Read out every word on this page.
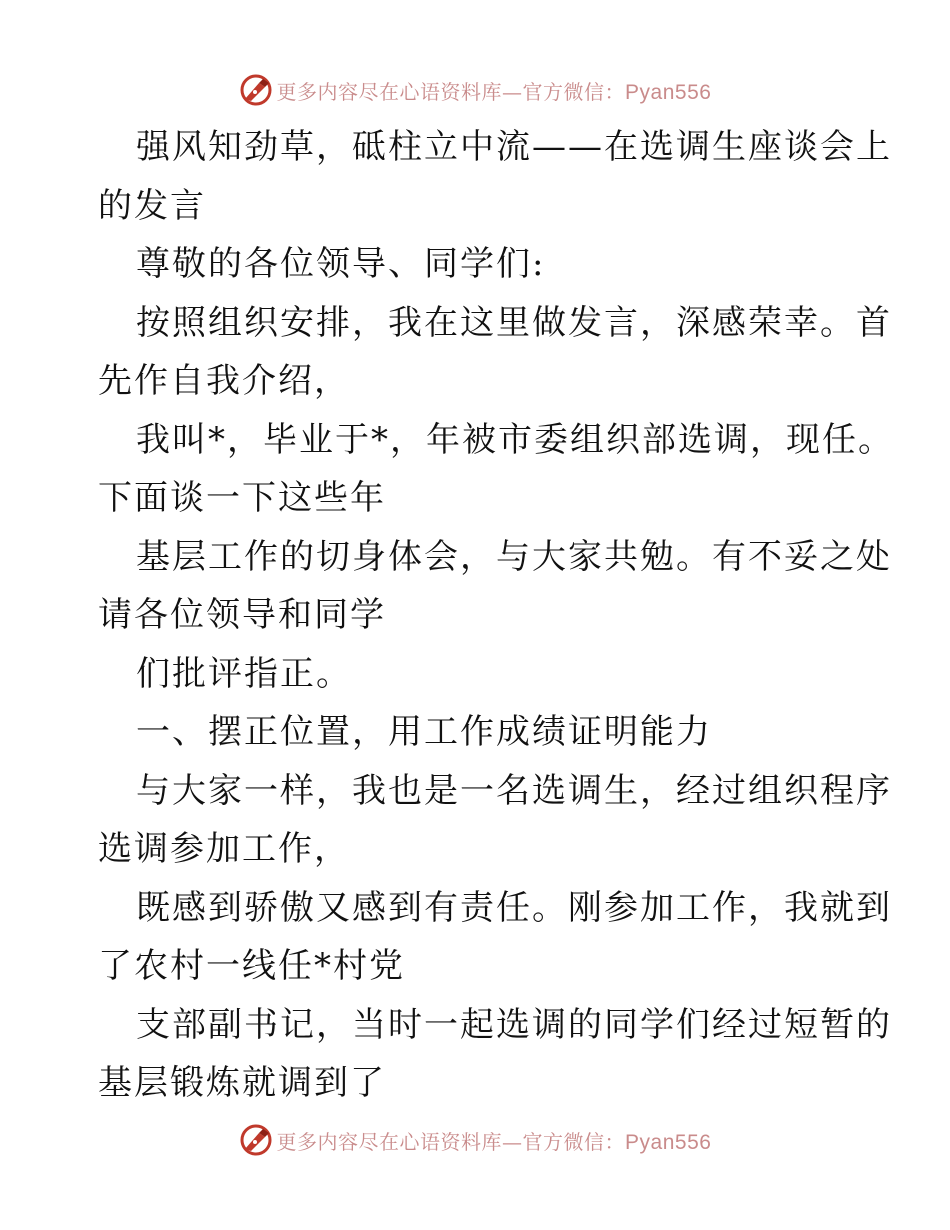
更多内容尽在心语资料库—官方微信：Pyan556
强风知劲草，砥柱立中流——在选调生座谈会上
的发言
尊敬的各位领导、同学们:
按照组织安排，我在这里做发言，深感荣幸。首
先作自我介绍，
我叫*，毕业于*，年被市委组织部选调，现任。
下面谈一下这些年
基层工作的切身体会，与大家共勉。有不妥之处
请各位领导和同学
们批评指正。
一、摆正位置，用工作成绩证明能力
与大家一样，我也是一名选调生，经过组织程序
选调参加工作，
既感到骄傲又感到有责任。刚参加工作，我就到
了农村一线任*村党
支部副书记，当时一起选调的同学们经过短暂的
基层锻炼就调到了
更多内容尽在心语资料库—官方微信：Pyan556
